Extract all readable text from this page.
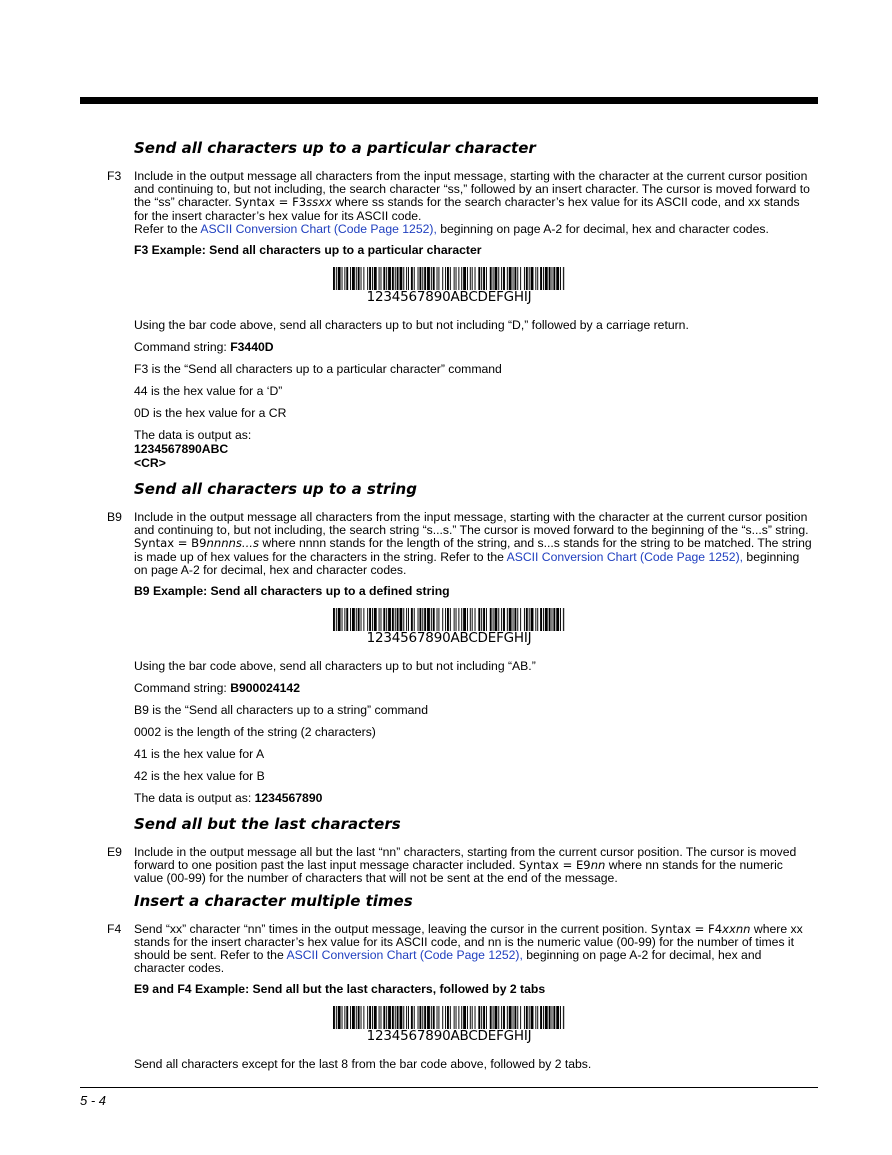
Send all characters up to a particular character
F3 Include in the output message all characters from the input message, starting with the character at the current cursor position and continuing to, but not including, the search character “ss,” followed by an insert character. The cursor is moved forward to the “ss” character. Syntax = F3ssxx where ss stands for the search character’s hex value for its ASCII code, and xx stands for the insert character’s hex value for its ASCII code.
Refer to the ASCII Conversion Chart (Code Page 1252), beginning on page A-2 for decimal, hex and character codes.
F3 Example: Send all characters up to a particular character
1234567890ABCDEFGHIJ
Using the bar code above, send all characters up to but not including “D,” followed by a carriage return.
Command string: F3440D
F3 is the “Send all characters up to a particular character” command
44 is the hex value for a ‘D”
0D is the hex value for a CR
The data is output as:
1234567890ABC
<CR>
Send all characters up to a string
B9 Include in the output message all characters from the input message, starting with the character at the current cursor position and continuing to, but not including, the search string “s...s.” The cursor is moved forward to the beginning of the “s...s” string. Syntax = B9nnnns...s where nnnn stands for the length of the string, and s...s stands for the string to be matched. The string is made up of hex values for the characters in the string. Refer to the ASCII Conversion Chart (Code Page 1252), beginning on page A-2 for decimal, hex and character codes.
B9 Example: Send all characters up to a defined string
1234567890ABCDEFGHIJ
Using the bar code above, send all characters up to but not including “AB.”
Command string: B900024142
B9 is the “Send all characters up to a string” command
0002 is the length of the string (2 characters)
41 is the hex value for A
42 is the hex value for B
The data is output as: 1234567890
Send all but the last characters
E9 Include in the output message all but the last “nn” characters, starting from the current cursor position. The cursor is moved forward to one position past the last input message character included. Syntax = E9nn where nn stands for the numeric value (00-99) for the number of characters that will not be sent at the end of the message.
Insert a character multiple times
F4 Send “xx” character “nn” times in the output message, leaving the cursor in the current position. Syntax = F4xxnn where xx stands for the insert character’s hex value for its ASCII code, and nn is the numeric value (00-99) for the number of times it should be sent. Refer to the ASCII Conversion Chart (Code Page 1252), beginning on page A-2 for decimal, hex and character codes.
E9 and F4 Example: Send all but the last characters, followed by 2 tabs
1234567890ABCDEFGHIJ
Send all characters except for the last 8 from the bar code above, followed by 2 tabs.
5 - 4
